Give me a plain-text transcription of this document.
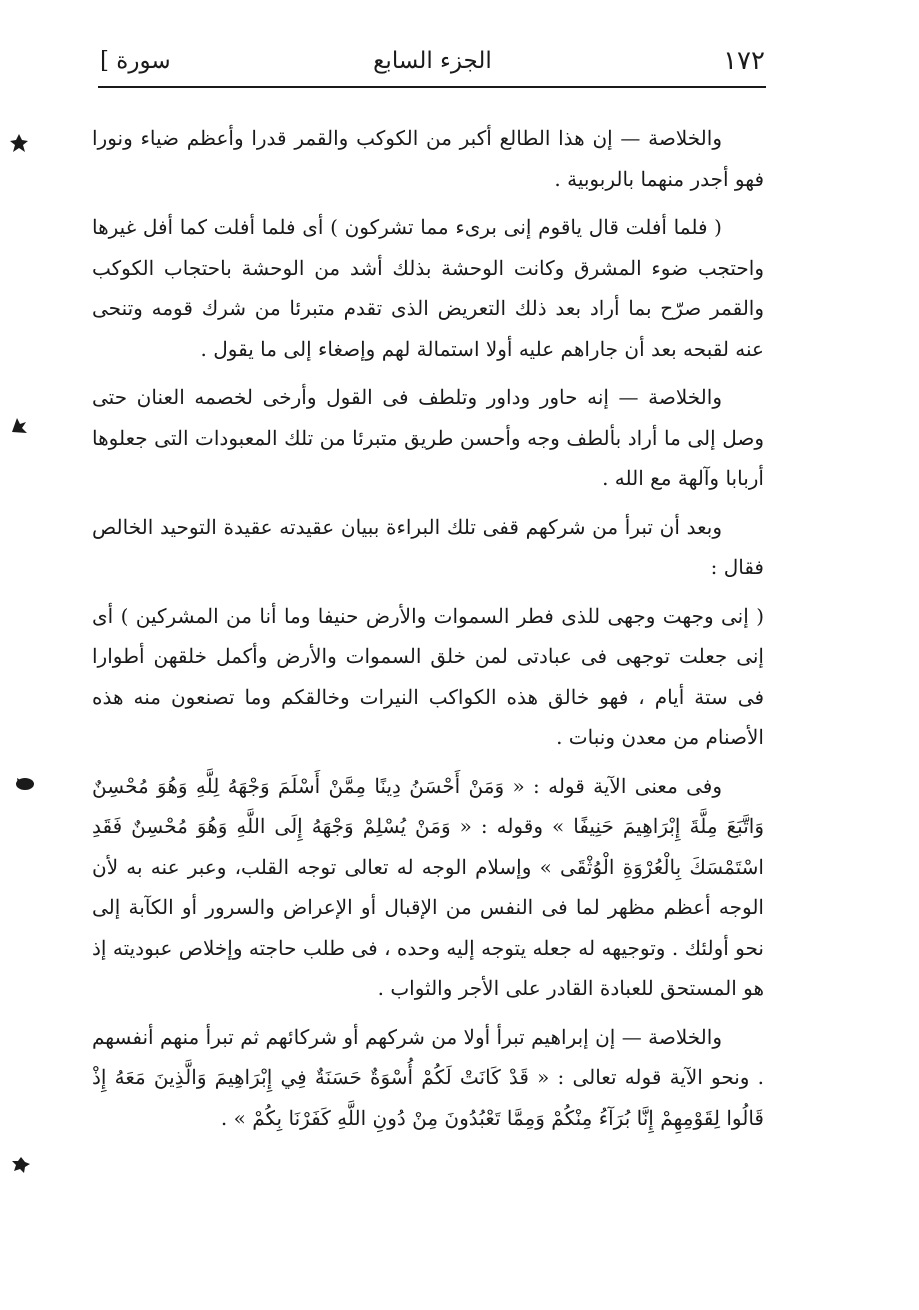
١٧٢
الجزء السابع
سورة ]

والخلاصة — إن هذا الطالع أكبر من الكوكب والقمر قدرا وأعظم ضياء ونورا فهو أجدر منهما بالربوبية .

( فلما أفلت قال ياقوم إنى برىء مما تشركون ) أى فلما أفلت كما أفل غيرها واحتجب ضوء المشرق وكانت الوحشة بذلك أشد من الوحشة باحتجاب الكوكب والقمر صرّح بما أراد بعد ذلك التعريض الذى تقدم متبرئا من شرك قومه وتنحى عنه لقبحه بعد أن جاراهم عليه أولا استمالة لهم وإصغاء إلى ما يقول .

والخلاصة — إنه حاور وداور وتلطف فى القول وأرخى لخصمه العنان حتى وصل إلى ما أراد بألطف وجه وأحسن طريق متبرئا من تلك المعبودات التى جعلوها أربابا وآلهة مع الله .

وبعد أن تبرأ من شركهم قفى تلك البراءة ببيان عقيدته عقيدة التوحيد الخالص فقال :

( إنى وجهت وجهى للذى فطر السموات والأرض حنيفا وما أنا من المشركين ) أى إنى جعلت توجهى فى عبادتى لمن خلق السموات والأرض وأكمل خلقهن أطوارا فى ستة أيام ، فهو خالق هذه الكواكب النيرات وخالقكم وما تصنعون منه هذه الأصنام من معدن ونبات .

وفى معنى الآية قوله : « وَمَنْ أَحْسَنُ دِينًا مِمَّنْ أَسْلَمَ وَجْهَهُ لِلَّهِ وَهُوَ مُحْسِنٌ وَاتَّبَعَ مِلَّةَ إِبْرَاهِيمَ حَنِيفًا » وقوله : « وَمَنْ يُسْلِمْ وَجْهَهُ إِلَى اللَّهِ وَهُوَ مُحْسِنٌ فَقَدِ اسْتَمْسَكَ بِالْعُرْوَةِ الْوُثْقَى » وإسلام الوجه له تعالى توجه القلب، وعبر عنه به لأن الوجه أعظم مظهر لما فى النفس من الإقبال أو الإعراض والسرور أو الكآبة إلى نحو أولئك . وتوجيهه له جعله يتوجه إليه وحده ، فى طلب حاجته وإخلاص عبوديته إذ هو المستحق للعبادة القادر على الأجر والثواب .

والخلاصة — إن إبراهيم تبرأ أولا من شركهم أو شركائهم ثم تبرأ منهم أنفسهم . ونحو الآية قوله تعالى : « قَدْ كَانَتْ لَكُمْ أُسْوَةٌ حَسَنَةٌ فِي إِبْرَاهِيمَ وَالَّذِينَ مَعَهُ إِذْ قَالُوا لِقَوْمِهِمْ إِنَّا بُرَآءُ مِنْكُمْ وَمِمَّا تَعْبُدُونَ مِنْ دُونِ اللَّهِ كَفَرْنَا بِكُمْ » .
